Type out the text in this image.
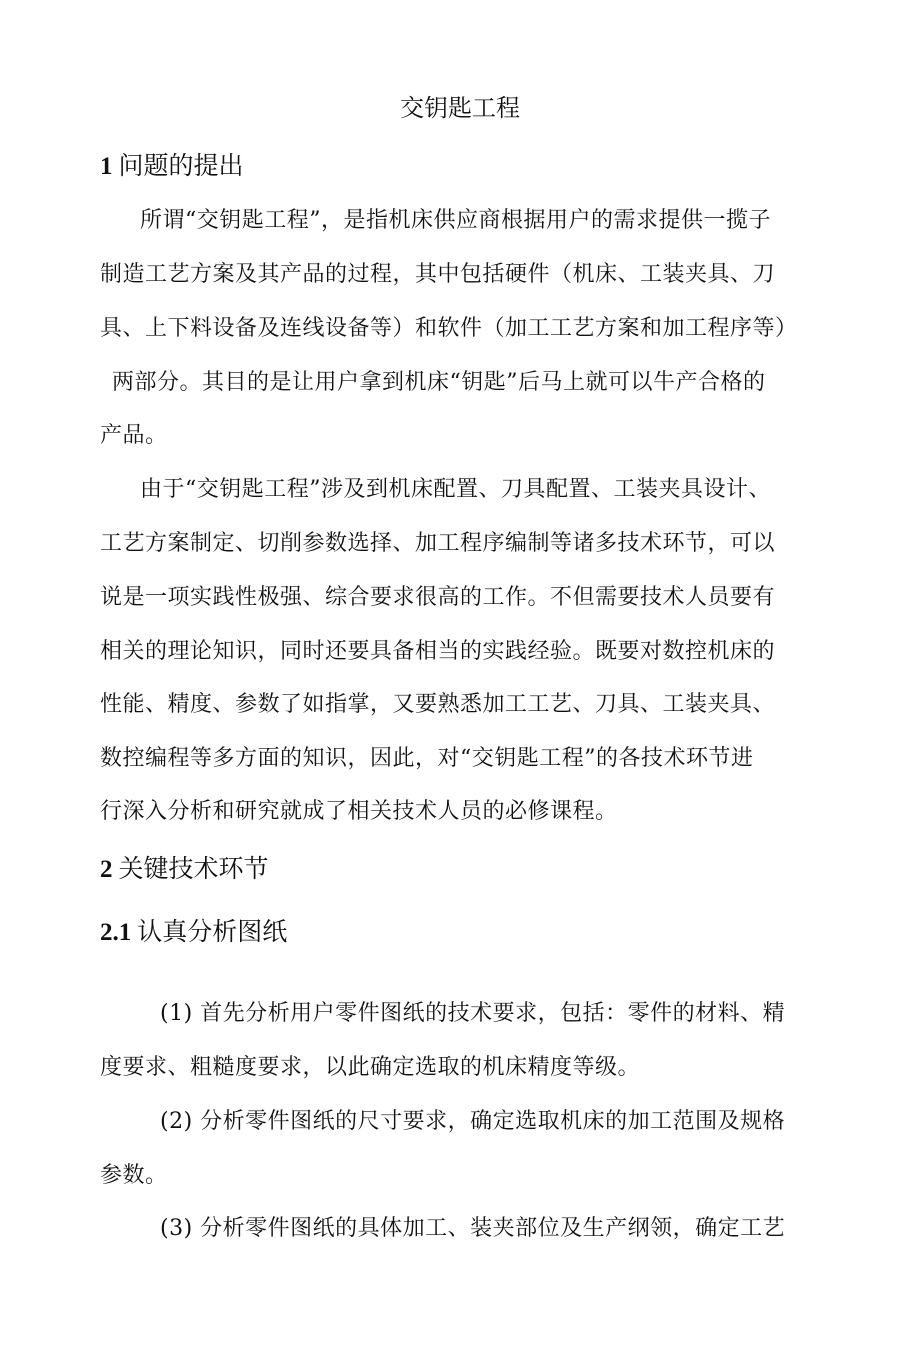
交钥匙工程
1 问题的提出
所谓“交钥匙工程”，是指机床供应商根据用户的需求提供一揽子
制造工艺方案及其产品的过程，其中包括硬件（机床、工装夹具、刀
具、上下料设备及连线设备等）和软件（加工工艺方案和加工程序等）
两部分。其目的是让用户拿到机床“钥匙”后马上就可以牛产合格的
产品。
由于“交钥匙工程”涉及到机床配置、刀具配置、工装夹具设计、
工艺方案制定、切削参数选择、加工程序编制等诸多技术环节，可以
说是一项实践性极强、综合要求很高的工作。不但需要技术人员要有
相关的理论知识，同时还要具备相当的实践经验。既要对数控机床的
性能、精度、参数了如指掌，又要熟悉加工工艺、刀具、工装夹具、
数控编程等多方面的知识，因此，对“交钥匙工程”的各技术环节进
行深入分析和研究就成了相关技术人员的必修课程。
2 关键技术环节
2.1 认真分析图纸
(1) 首先分析用户零件图纸的技术要求，包括：零件的材料、精
度要求、粗糙度要求，以此确定选取的机床精度等级。
(2) 分析零件图纸的尺寸要求，确定选取机床的加工范围及规格
参数。
(3) 分析零件图纸的具体加工、装夹部位及生产纲领，确定工艺
